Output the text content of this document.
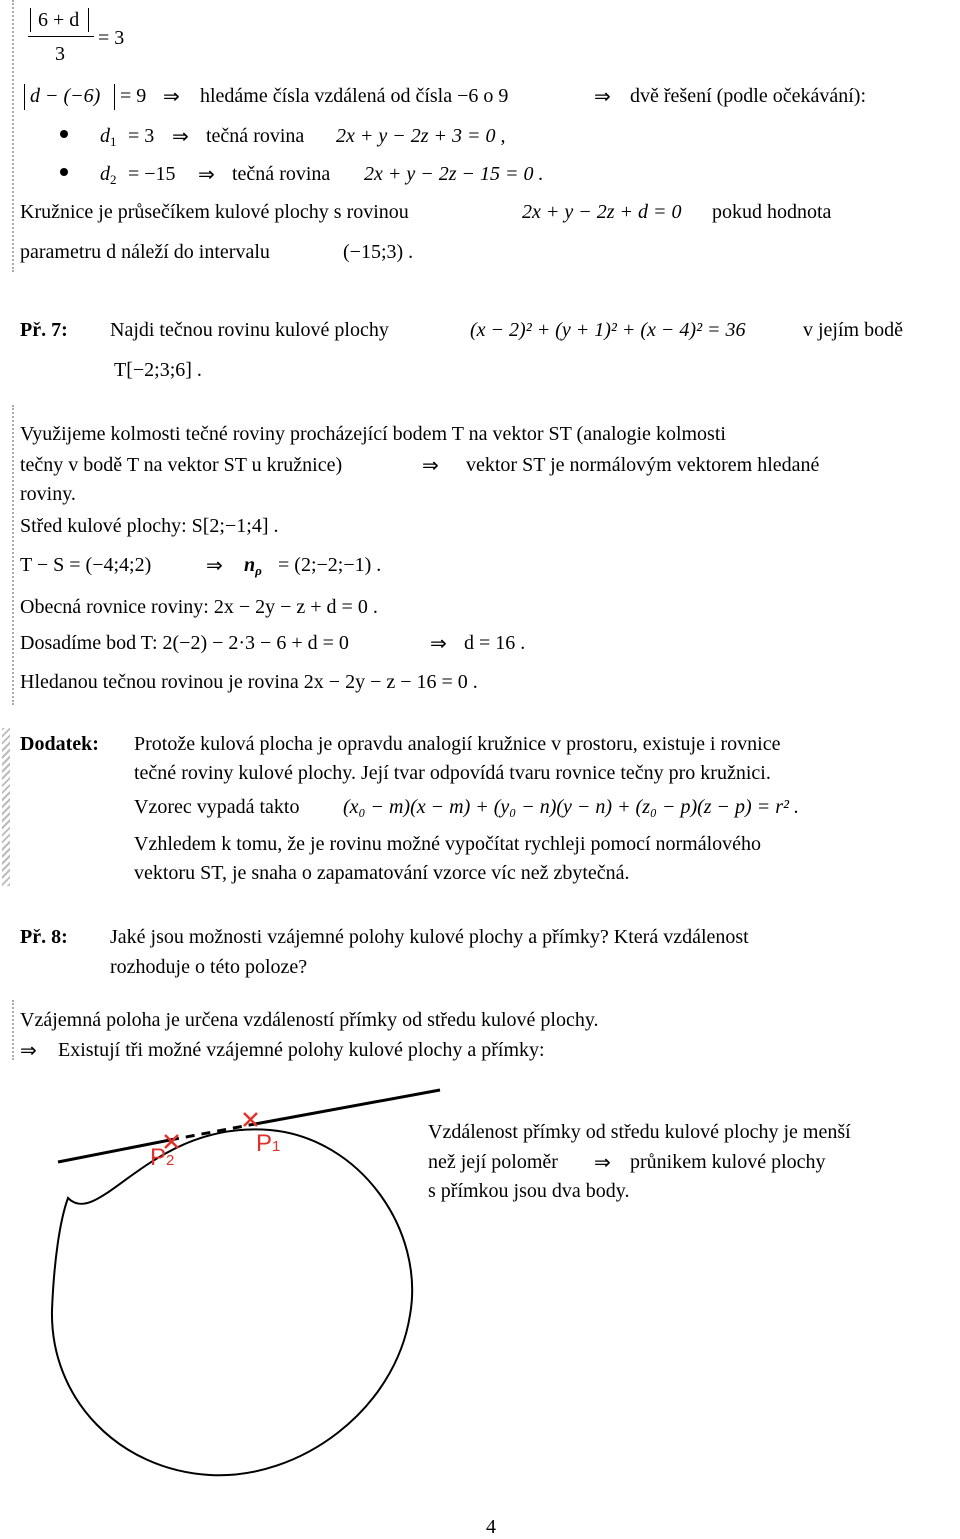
6 + d
3
= 3
d − (−6) = 9 ⇒ hledáme čísla vzdálená od čísla −6 o 9	⇒ dvě řešení (podle očekávání):
$d_1 = 3$ ⇒ tečná rovina 2x + y − 2z + 3 = 0 ,
$d_2 = -15$ ⇒ tečná rovina 2x + y − 2z − 15 = 0 .
Kružnice je průsečíkem kulové plochy s rovinou	2x + y − 2z + d = 0 pokud hodnota
parametru d náleží do intervalu	(−15;3) .
Př. 7: Najdi tečnou rovinu kulové plochy	(x − 2)² + (y + 1)² + (x − 4)² = 36	v jejím bodě
T[−2;3;6] .
Využijeme kolmosti tečné roviny procházející bodem T na vektor ST (analogie kolmosti
tečny v bodě T na vektor ST u kružnice)	⇒ vektor ST je normálovým vektorem hledané
roviny.
Střed kulové plochy: S[2;−1;4] .
T − S = (−4;4;2)	⇒ $n_\rho$ = (2;−2;−1) .
Obecná rovnice roviny: 2x − 2y − z + d = 0 .
Dosadíme bod T: 2(−2) − 2·3 − 6 + d = 0	⇒ d = 16 .
Hledanou tečnou rovinou je rovina 2x − 2y − z − 16 = 0 .
Dodatek: Protože kulová plocha je opravdu analogií kružnice v prostoru, existuje i rovnice
tečné roviny kulové plochy. Její tvar odpovídá tvaru rovnice tečny pro kružnici.
Vzorec vypadá takto (x₀ − m)(x − m) + (y₀ − n)(y − n) + (z₀ − p)(z − p) = r² .
Vzhledem k tomu, že je rovinu možné vypočítat rychleji pomocí normálového
vektoru ST, je snaha o zapamatování vzorce víc než zbytečná.
Př. 8: Jaké jsou možnosti vzájemné polohy kulové plochy a přímky? Která vzdálenost
rozhoduje o této poloze?
Vzájemná poloha je určena vzdáleností přímky od středu kulové plochy.
⇒ Existují tři možné vzájemné polohy kulové plochy a přímky:
P2
P1
Vzdálenost přímky od středu kulové plochy je menší
než její poloměr ⇒ průnikem kulové plochy
s přímkou jsou dva body.
4
